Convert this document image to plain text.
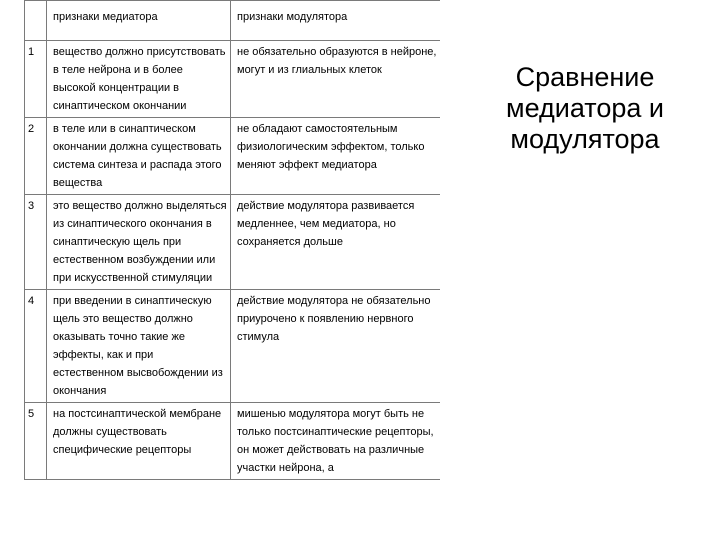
	признаки медиатора	признаки модулятора
1	вещество должно присутствовать в теле нейрона и в более высокой концентрации в синаптическом окончании	не обязательно образуются в нейроне, могут и из глиальных клеток

2	в теле или в синаптическом окончании должна существовать система синтеза и распада этого вещества	не обладают самостоятельным физиологическим эффектом, только меняют эффект медиатора

3	это вещество должно выделяться из синаптического окончания в синаптическую щель при естественном возбуждении или при искусственной стимуляции	действие модулятора развивается медленнее, чем медиатора, но сохраняется дольше

4	при введении в синаптическую щель это вещество должно оказывать точно такие же эффекты, как и при естественном высвобождении из окончания	действие модулятора не обязательно приурочено к появлению нервного стимула

5	на постсинаптической мембране должны существовать специфические рецепторы	мишенью модулятора могут быть не только постсинаптические рецепторы, он может действовать на различные участки нейрона, а
Сравнение медиатора и модулятора
